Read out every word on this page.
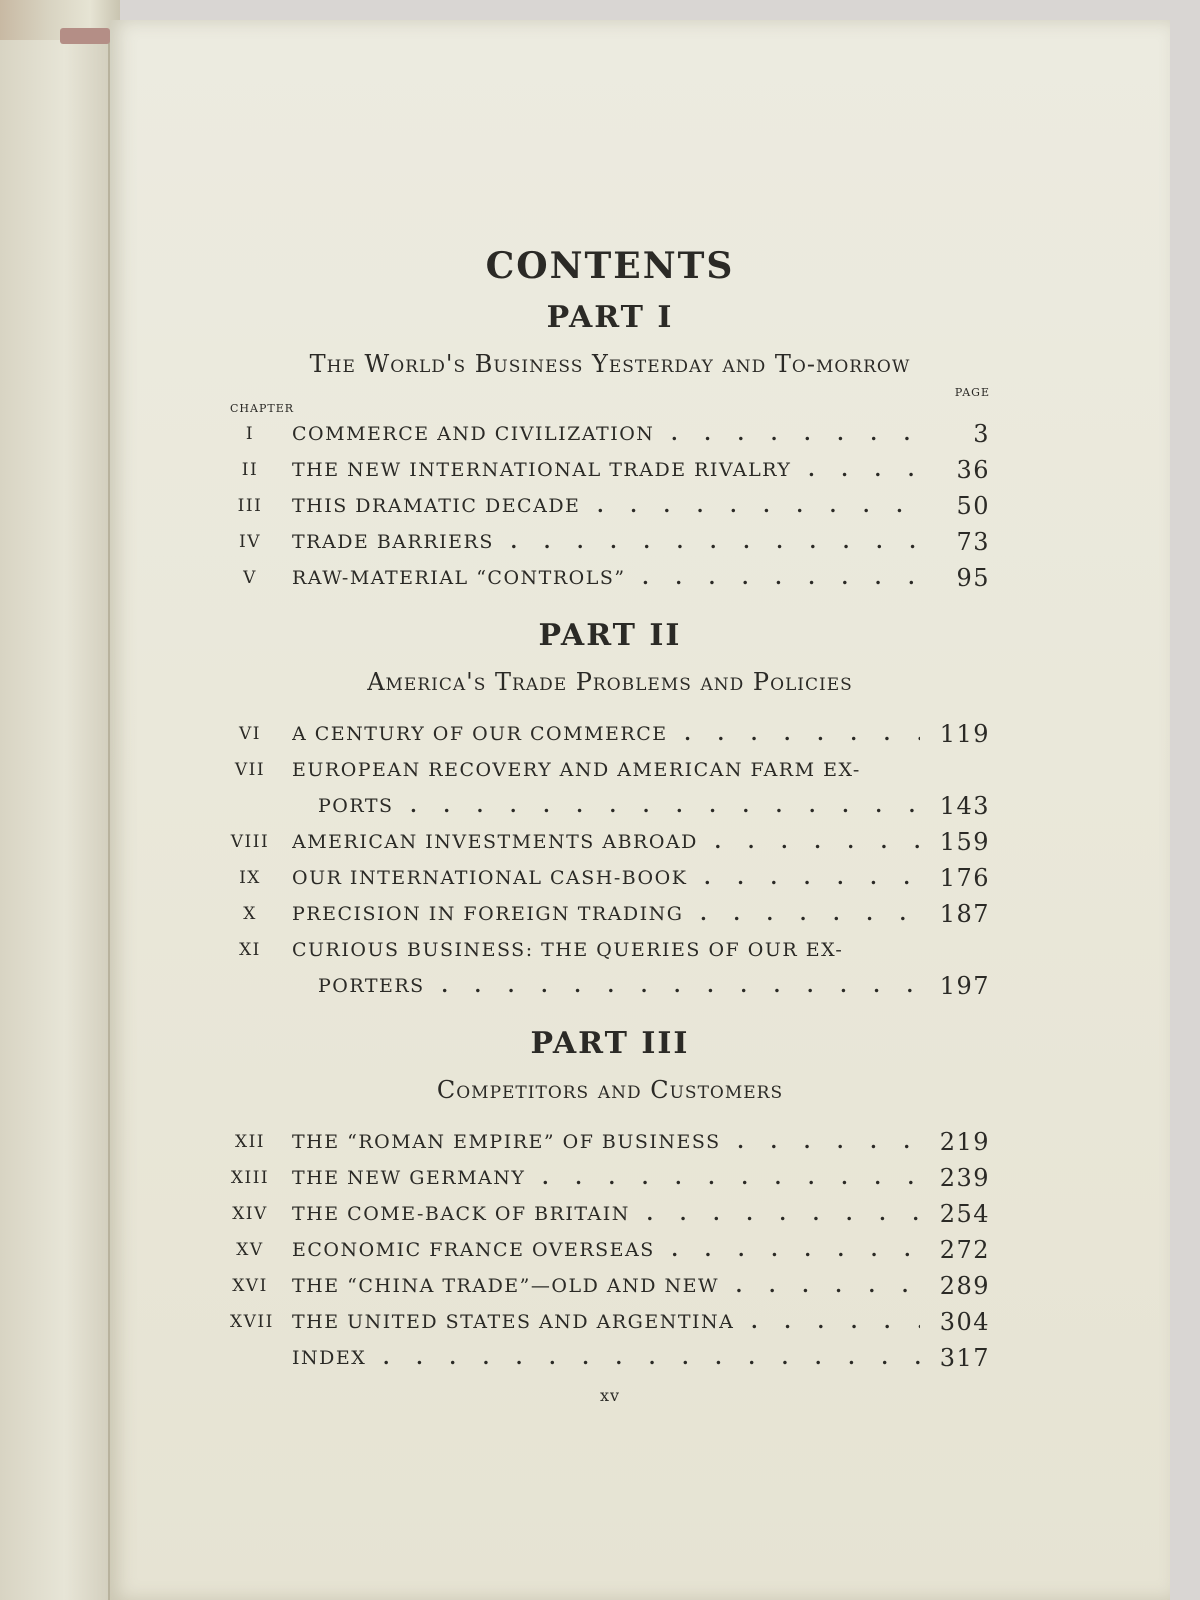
CONTENTS
PART I
The World's Business Yesterday and To-morrow
CHAPTER
PAGE
I	COMMERCE AND CIVILIZATION . . .	3
II	THE NEW INTERNATIONAL TRADE RIVALRY . . .	36
III	THIS DRAMATIC DECADE . . .	50
IV	TRADE BARRIERS . . .	73
V	RAW-MATERIAL “CONTROLS” . . .	95
PART II
America's Trade Problems and Policies
VI	A CENTURY OF OUR COMMERCE . . .	119
VII EUROPEAN RECOVERY AND AMERICAN FARM EX-
PORTS . . .	143
VIII AMERICAN INVESTMENTS ABROAD . . .	159
IX	OUR INTERNATIONAL CASH-BOOK . . .	176
X	PRECISION IN FOREIGN TRADING . . .	187
XI	CURIOUS BUSINESS: THE QUERIES OF OUR EX-
PORTERS . . .	197
PART III
Competitors and Customers
XII THE “ROMAN EMPIRE” OF BUSINESS . . .	219
XIII THE NEW GERMANY . . .	239
XIV THE COME-BACK OF BRITAIN . . .	254
XV	ECONOMIC FRANCE OVERSEAS . . .	272
XVI THE “CHINA TRADE”—OLD AND NEW . . .	289
XVII THE UNITED STATES AND ARGENTINA . . .	304
INDEX . . .	317
xv
